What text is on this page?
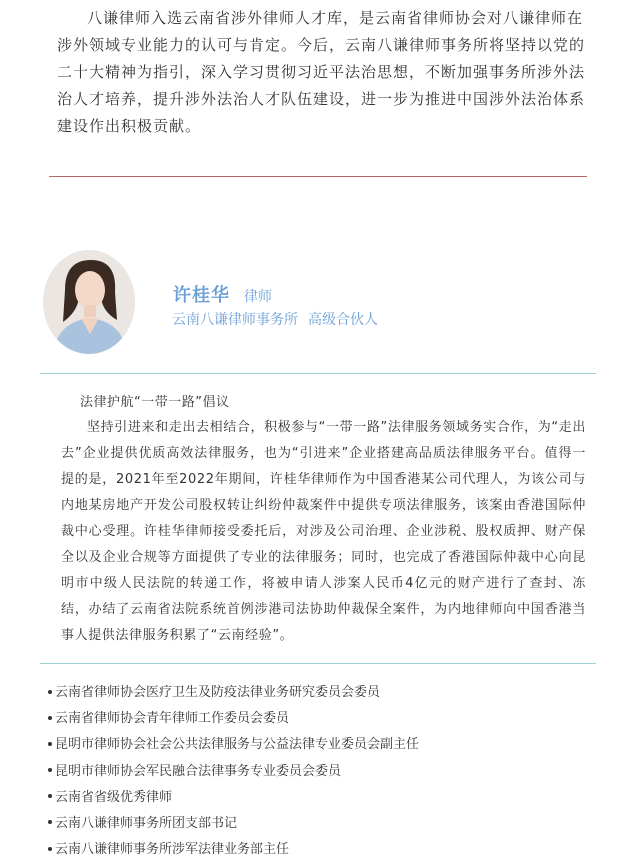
八谦律师入选云南省涉外律师人才库，是云南省律师协会对八谦律师在涉外领域专业能力的认可与肯定。今后，云南八谦律师事务所将坚持以党的二十大精神为指引，深入学习贯彻习近平法治思想，不断加强事务所涉外法治人才培养，提升涉外法治人才队伍建设，进一步为推进中国涉外法治体系建设作出积极贡献。

许桂华 律师
云南八谦律师事务所 高级合伙人
法律护航“一带一路”倡议

坚持引进来和走出去相结合，积极参与“一带一路”法律服务领域务实合作，为“走出去”企业提供优质高效法律服务，也为“引进来”企业搭建高品质法律服务平台。值得一提的是，2021年至2022年期间，许桂华律师作为中国香港某公司代理人，为该公司与内地某房地产开发公司股权转让纠纷仲裁案件中提供专项法律服务，该案由香港国际仲裁中心受理。许桂华律师接受委托后，对涉及公司治理、企业涉税、股权质押、财产保全以及企业合规等方面提供了专业的法律服务；同时，也完成了香港国际仲裁中心向昆明市中级人民法院的转递工作，将被申请人涉案人民币4亿元的财产进行了查封、冻结，办结了云南省法院系统首例涉港司法协助仲裁保全案件，为内地律师向中国香港当事人提供法律服务积累了“云南经验”。

云南省律师协会医疗卫生及防疫法律业务研究委员会委员
云南省律师协会青年律师工作委员会委员
昆明市律师协会社会公共法律服务与公益法律专业委员会副主任
昆明市律师协会军民融合法律事务专业委员会委员
云南省省级优秀律师
云南八谦律师事务所团支部书记
云南八谦律师事务所涉军法律业务部主任
